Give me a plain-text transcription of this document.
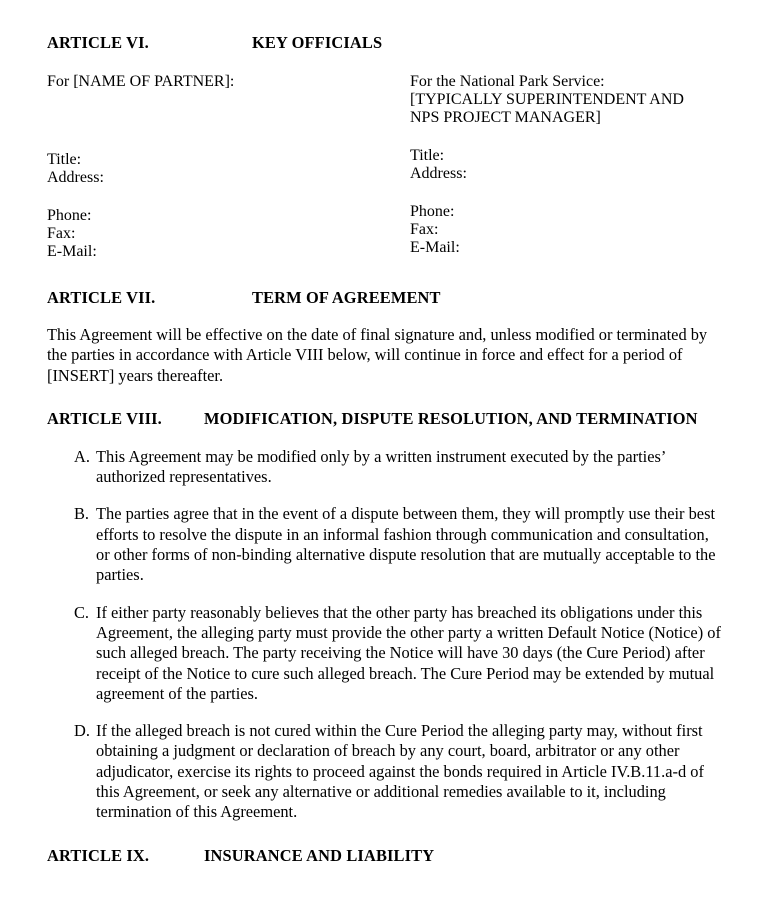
ARTICLE VI.	KEY OFFICIALS
For [NAME OF PARTNER]:
Title:
Address:
Phone:
Fax:
E-Mail:
For the National Park Service:
[TYPICALLY SUPERINTENDENT AND
NPS PROJECT MANAGER]
Title:
Address:
Phone:
Fax:
E-Mail:
ARTICLE VII.	TERM OF AGREEMENT

This Agreement will be effective on the date of final signature and, unless modified or terminated by the parties in accordance with Article VIII below, will continue in force and effect for a period of [INSERT] years thereafter.

ARTICLE VIII.	MODIFICATION, DISPUTE RESOLUTION, AND TERMINATION
A. This Agreement may be modified only by a written instrument executed by the parties’ authorized representatives.
B. The parties agree that in the event of a dispute between them, they will promptly use their best efforts to resolve the dispute in an informal fashion through communication and consultation, or other forms of non-binding alternative dispute resolution that are mutually acceptable to the parties.
C. If either party reasonably believes that the other party has breached its obligations under this Agreement, the alleging party must provide the other party a written Default Notice (Notice) of such alleged breach. The party receiving the Notice will have 30 days (the Cure Period) after receipt of the Notice to cure such alleged breach. The Cure Period may be extended by mutual agreement of the parties.
D. If the alleged breach is not cured within the Cure Period the alleging party may, without first obtaining a judgment or declaration of breach by any court, board, arbitrator or any other adjudicator, exercise its rights to proceed against the bonds required in Article IV.B.11.a-d of this Agreement, or seek any alternative or additional remedies available to it, including termination of this Agreement.
ARTICLE IX.	INSURANCE AND LIABILITY
